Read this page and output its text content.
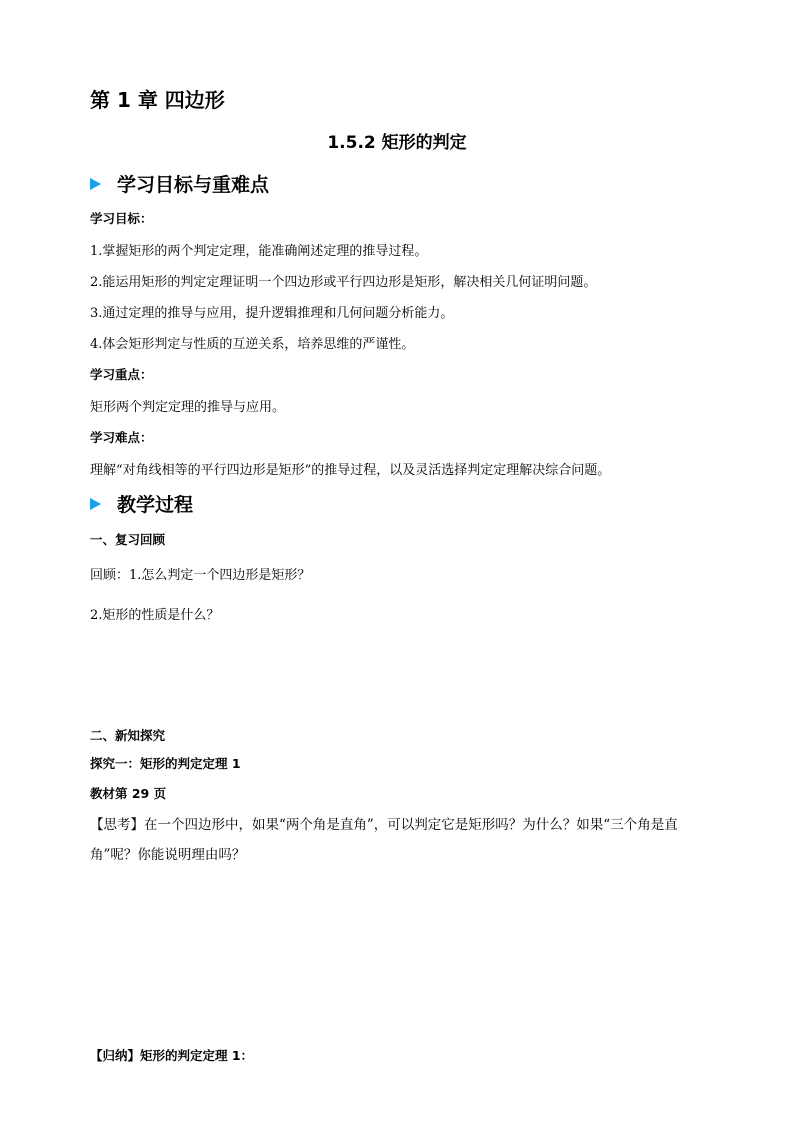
第 1 章 四边形
1.5.2 矩形的判定
学习目标与重难点
学习目标：
1.掌握矩形的两个判定定理，能准确阐述定理的推导过程。
2.能运用矩形的判定定理证明一个四边形或平行四边形是矩形，解决相关几何证明问题。
3.通过定理的推导与应用，提升逻辑推理和几何问题分析能力。
4.体会矩形判定与性质的互逆关系，培养思维的严谨性。
学习重点：
矩形两个判定定理的推导与应用。
学习难点：
理解“对角线相等的平行四边形是矩形”的推导过程，以及灵活选择判定定理解决综合问题。
教学过程
一、复习回顾
回顾：1.怎么判定一个四边形是矩形？
2.矩形的性质是什么？
二、新知探究
探究一：矩形的判定定理 1
教材第 29 页
【思考】在一个四边形中，如果“两个角是直角”，可以判定它是矩形吗？为什么？如果“三个角是直角”呢？你能说明理由吗？
【归纳】矩形的判定定理 1：
